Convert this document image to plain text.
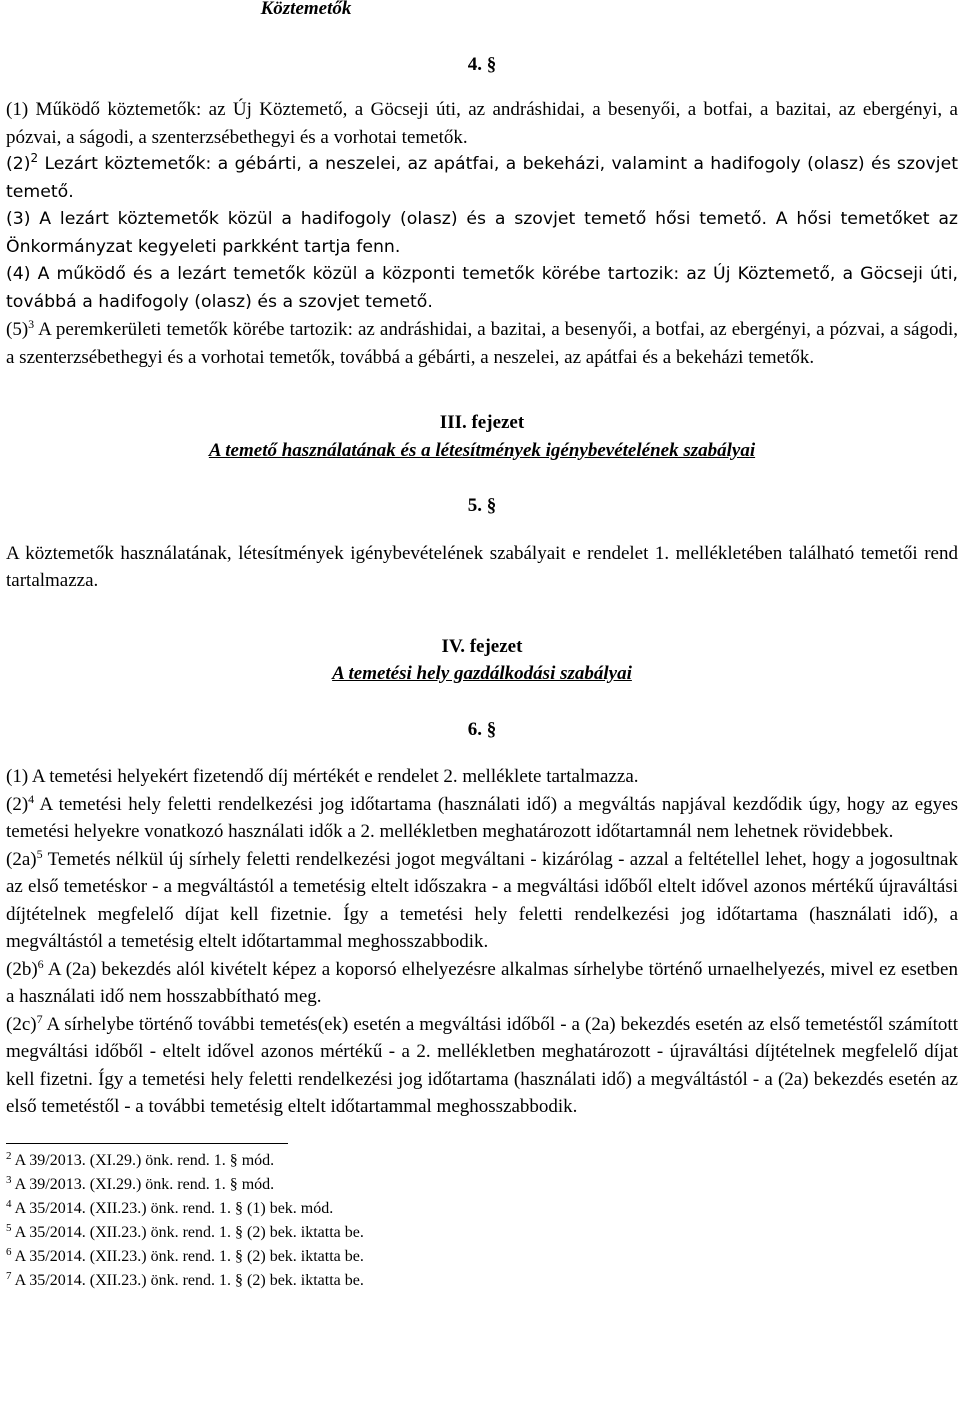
Köztemetők
4. §

(1) Működő köztemetők: az Új Köztemető, a Göcseji úti, az andráshidai, a besenyői, a botfai, a bazitai, az ebergényi, a pózvai, a ságodi, a szenterzsébethegyi és a vorhotai temetők.

$(2)^2$ Lezárt köztemetők: a gébárti, a neszelei, az apátfai, a bekeházi, valamint a hadifogoly (olasz) és szovjet temető.

(3) A lezárt köztemetők közül a hadifogoly (olasz) és a szovjet temető hősi temető. A hősi temetőket az Önkormányzat kegyeleti parkként tartja fenn.

(4) A működő és a lezárt temetők közül a központi temetők körébe tartozik: az Új Köztemető, a Göcseji úti, továbbá a hadifogoly (olasz) és a szovjet temető.

$(5)^3$ A peremkerületi temetők körébe tartozik: az andráshidai, a bazitai, a besenyői, a botfai, az ebergényi, a pózvai, a ságodi, a szenterzsébethegyi és a vorhotai temetők, továbbá a gébárti, a neszelei, az apátfai és a bekeházi temetők.

III. fejezet
A temető használatának és a létesítmények igénybevételének szabályai
5. §

A köztemetők használatának, létesítmények igénybevételének szabályait e rendelet 1. mellékletében található temetői rend tartalmazza.

IV. fejezet
A temetési hely gazdálkodási szabályai
6. §

(1) A temetési helyekért fizetendő díj mértékét e rendelet 2. melléklete tartalmazza.

$(2)^4$ A temetési hely feletti rendelkezési jog időtartama (használati idő) a megváltás napjával kezdődik úgy, hogy az egyes temetési helyekre vonatkozó használati idők a 2. mellékletben meghatározott időtartamnál nem lehetnek rövidebbek.

$(2a)^5$ Temetés nélkül új sírhely feletti rendelkezési jogot megváltani - kizárólag - azzal a feltétellel lehet, hogy a jogosultnak az első temetéskor - a megváltástól a temetésig eltelt időszakra - a megváltási időből eltelt idővel azonos mértékű újraváltási díjtételnek megfelelő díjat kell fizetnie. Így a temetési hely feletti rendelkezési jog időtartama (használati idő), a megváltástól a temetésig eltelt időtartammal meghosszabbodik.

$(2b)^6$ A (2a) bekezdés alól kivételt képez a koporsó elhelyezésre alkalmas sírhelybe történő urnaelhelyezés, mivel ez esetben a használati idő nem hosszabbítható meg.

$(2c)^7$ A sírhelybe történő további temetés(ek) esetén a megváltási időből - a (2a) bekezdés esetén az első temetéstől számított megváltási időből - eltelt idővel azonos mértékű - a 2. mellékletben meghatározott - újraváltási díjtételnek megfelelő díjat kell fizetni. Így a temetési hely feletti rendelkezési jog időtartama (használati idő) a megváltástól - a (2a) bekezdés esetén az első temetéstől - a további temetésig eltelt időtartammal meghosszabbodik.

$^2$ A 39/2013. (XI.29.) önk. rend. 1. § mód.
$^3$ A 39/2013. (XI.29.) önk. rend. 1. § mód.
$^4$ A 35/2014. (XII.23.) önk. rend. 1. § (1) bek. mód.
$^5$ A 35/2014. (XII.23.) önk. rend. 1. § (2) bek. iktatta be.
$^6$ A 35/2014. (XII.23.) önk. rend. 1. § (2) bek. iktatta be.
$^7$ A 35/2014. (XII.23.) önk. rend. 1. § (2) bek. iktatta be.
